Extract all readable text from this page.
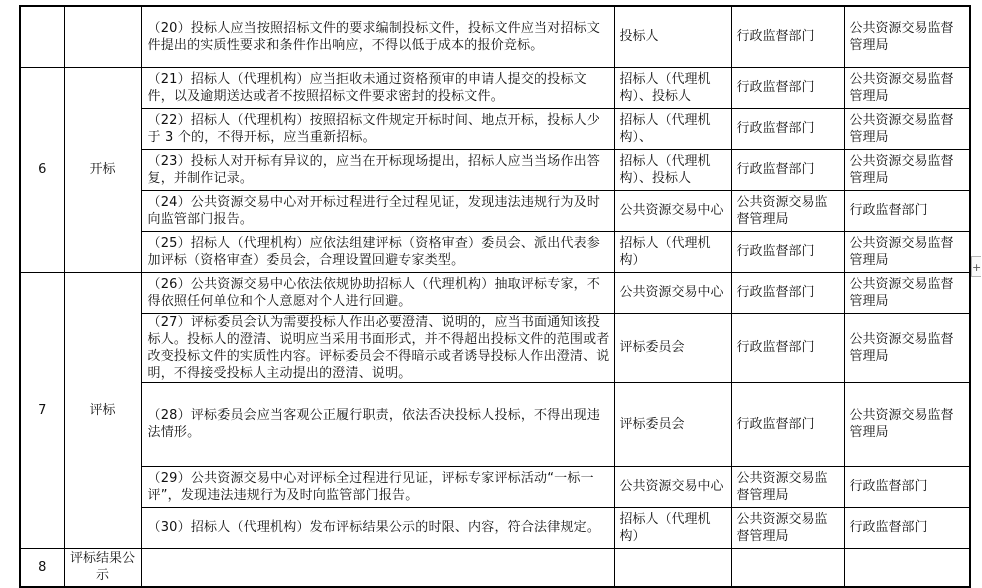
		（20）投标人应当按照招标文件的要求编制投标文件，投标文件应当对招标文件提出的实质性要求和条件作出响应，不得以低于成本的报价竞标。	投标人	行政监督部门	公共资源交易监督管理局
6	开标	（21）招标人（代理机构）应当拒收未通过资格预审的申请人提交的投标文件，以及逾期送达或者不按照招标文件要求密封的投标文件。	招标人（代理机构）、投标人	行政监督部门	公共资源交易监督管理局
		（22）招标人（代理机构）按照招标文件规定开标时间、地点开标，投标人少于 3 个的，不得开标，应当重新招标。	招标人（代理机构）、	行政监督部门	公共资源交易监督管理局
		（23）投标人对开标有异议的，应当在开标现场提出，招标人应当当场作出答复，并制作记录。	招标人（代理机构）、投标人	行政监督部门	公共资源交易监督管理局
		（24）公共资源交易中心对开标过程进行全过程见证，发现违法违规行为及时向监管部门报告。	公共资源交易中心	公共资源交易监督管理局	行政监督部门
		（25）招标人（代理机构）应依法组建评标（资格审查）委员会、派出代表参加评标（资格审查）委员会，合理设置回避专家类型。	招标人（代理机构）	行政监督部门	公共资源交易监督管理局
7	评标	（26）公共资源交易中心依法依规协助招标人（代理机构）抽取评标专家，不得依照任何单位和个人意愿对个人进行回避。	公共资源交易中心	行政监督部门	公共资源交易监督管理局
		（27）评标委员会认为需要投标人作出必要澄清、说明的，应当书面通知该投标人。投标人的澄清、说明应当采用书面形式，并不得超出投标文件的范围或者改变投标文件的实质性内容。评标委员会不得暗示或者诱导投标人作出澄清、说明，不得接受投标人主动提出的澄清、说明。	评标委员会	行政监督部门	公共资源交易监督管理局
		（28）评标委员会应当客观公正履行职责，依法否决投标人投标，不得出现违法情形。	评标委员会	行政监督部门	公共资源交易监督管理局
		（29）公共资源交易中心对评标全过程进行见证，评标专家评标活动“一标一评”，发现违法违规行为及时向监管部门报告。	公共资源交易中心	公共资源交易监督管理局	行政监督部门
		（30）招标人（代理机构）发布评标结果公示的时限、内容，符合法律规定。	招标人（代理机构）	公共资源交易监督管理局	行政监督部门
8	评标结果公示				
+
